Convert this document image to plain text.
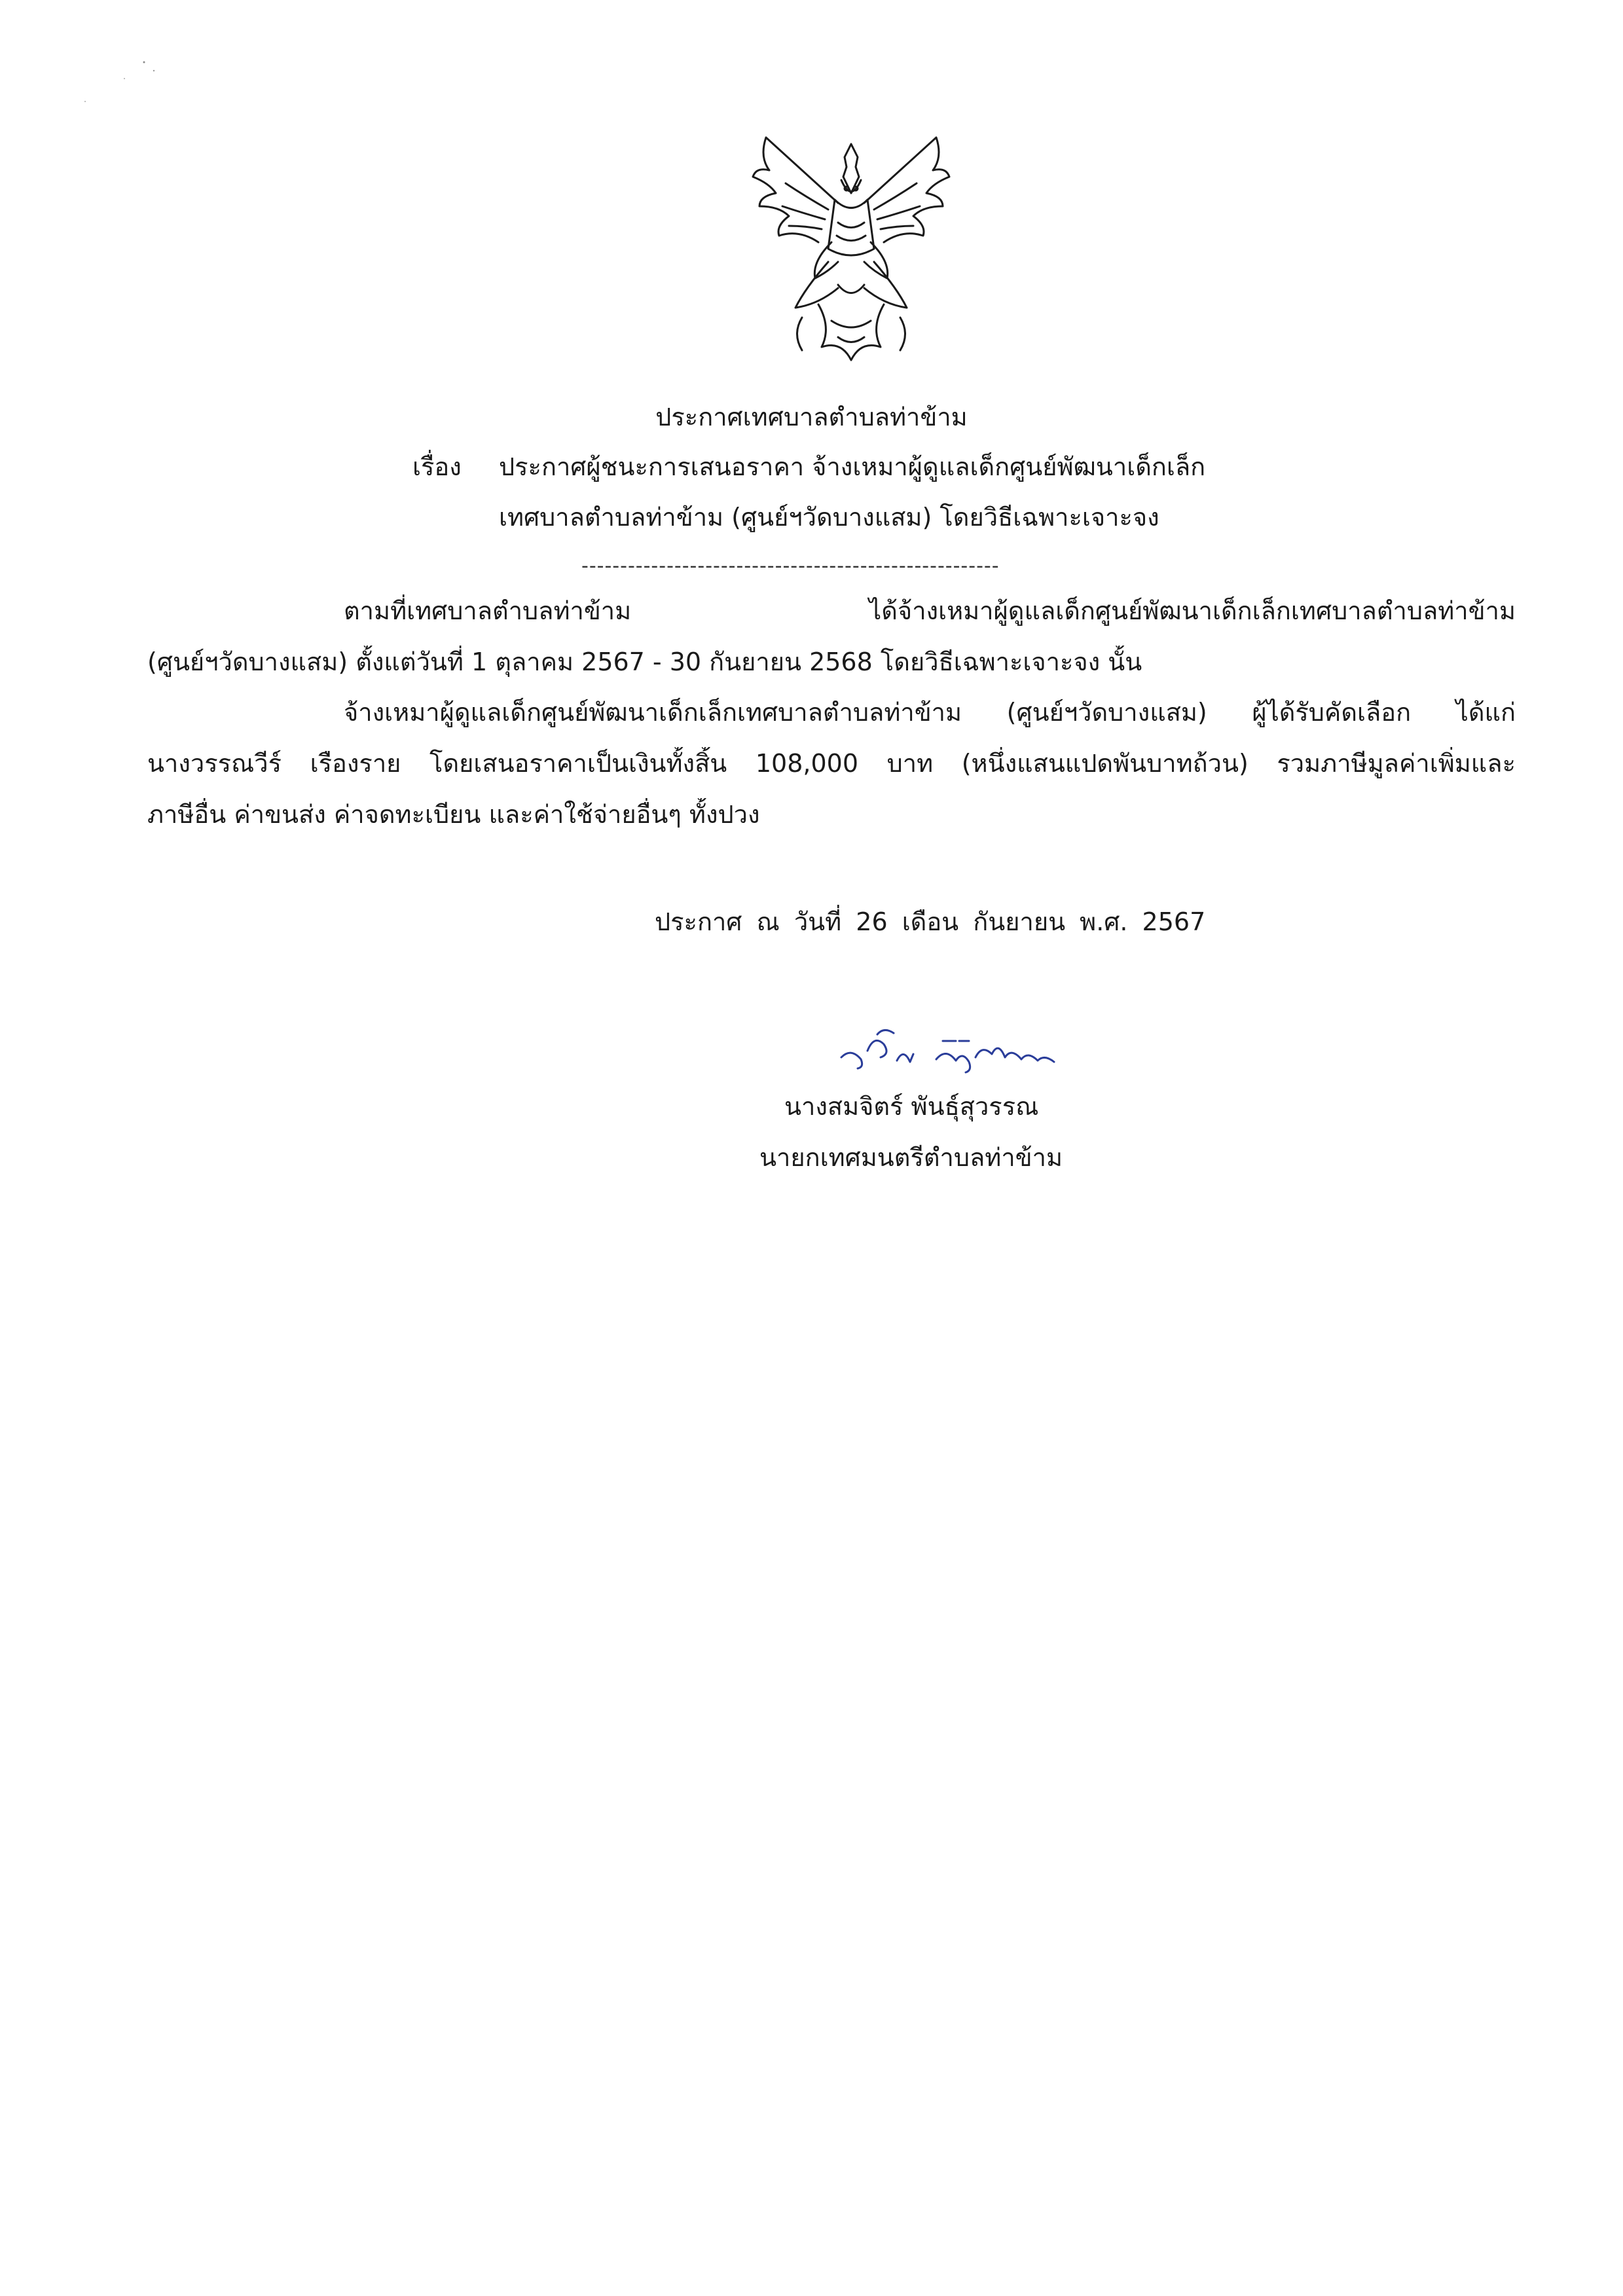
ประกาศเทศบาลตำบลท่าข้าม
เรื่อง ประกาศผู้ชนะการเสนอราคา จ้างเหมาผู้ดูแลเด็กศูนย์พัฒนาเด็กเล็ก
เทศบาลตำบลท่าข้าม (ศูนย์ฯวัดบางแสม) โดยวิธีเฉพาะเจาะจง
------------------------------------------------------
ตามที่เทศบาลตำบลท่าข้าม ได้จ้างเหมาผู้ดูแลเด็กศูนย์พัฒนาเด็กเล็กเทศบาลตำบลท่าข้าม
(ศูนย์ฯวัดบางแสม) ตั้งแต่วันที่ 1 ตุลาคม 2567 - 30 กันยายน 2568 โดยวิธีเฉพาะเจาะจง นั้น
จ้างเหมาผู้ดูแลเด็กศูนย์พัฒนาเด็กเล็กเทศบาลตำบลท่าข้าม (ศูนย์ฯวัดบางแสม) ผู้ได้รับคัดเลือก ได้แก่
นางวรรณวีร์ เรืองราย โดยเสนอราคาเป็นเงินทั้งสิ้น 108,000 บาท (หนึ่งแสนแปดพันบาทถ้วน) รวมภาษีมูลค่าเพิ่มและ
ภาษีอื่น ค่าขนส่ง ค่าจดทะเบียน และค่าใช้จ่ายอื่นๆ ทั้งปวง
ประกาศ ณ วันที่ 26 เดือน กันยายน พ.ศ. 2567
นางสมจิตร์ พันธุ์สุวรรณ
นายกเทศมนตรีตำบลท่าข้าม
